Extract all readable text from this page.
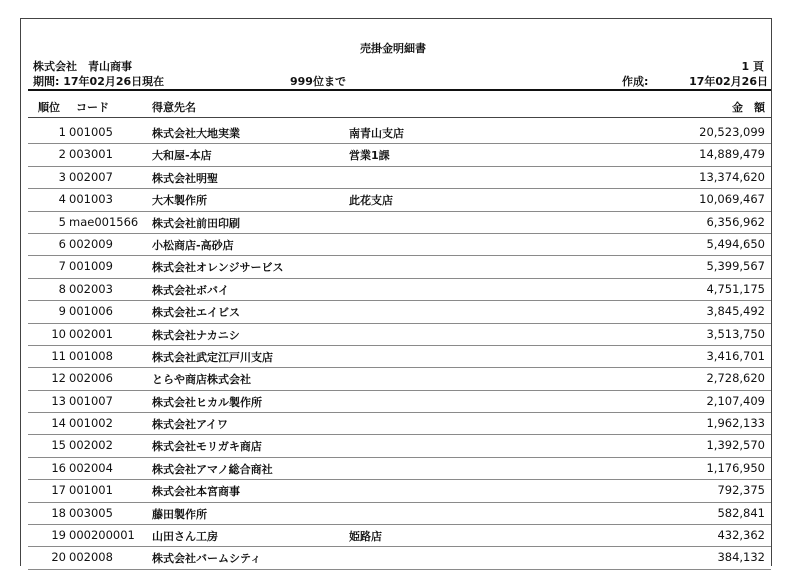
売掛金明細書
株式会社　青山商事	1 頁
期間: 17年02月26日現在	999位まで	作成:	17年02月26日
順位 コード	得意先名	金　額
1 001005	株式会社大地実業	南青山支店	20,523,099
2 003001	大和屋-本店	営業1課	14,889,479
3 002007	株式会社明聖	13,374,620
4 001003	大木製作所	此花支店	10,069,467
5 mae001566 株式会社前田印刷	6,356,962
6 002009	小松商店-高砂店	5,494,650
7 001009	株式会社オレンジサービス	5,399,567
8 002003	株式会社ボバイ	4,751,175
9 001006	株式会社エイビス	3,845,492
10 002001	株式会社ナカニシ	3,513,750
11 001008	株式会社武定江戸川支店	3,416,701
12 002006	とらや商店株式会社	2,728,620
13 001007	株式会社ヒカル製作所	2,107,409
14 001002	株式会社アイワ	1,962,133
15 002002	株式会社モリガキ商店	1,392,570
16 002004	株式会社アマノ総合商社	1,176,950
17 001001	株式会社本宮商事	792,375
18 003005	藤田製作所	582,841
19 000200001 山田さん工房	姫路店	432,362
20 002008	株式会社バームシティ	384,132
